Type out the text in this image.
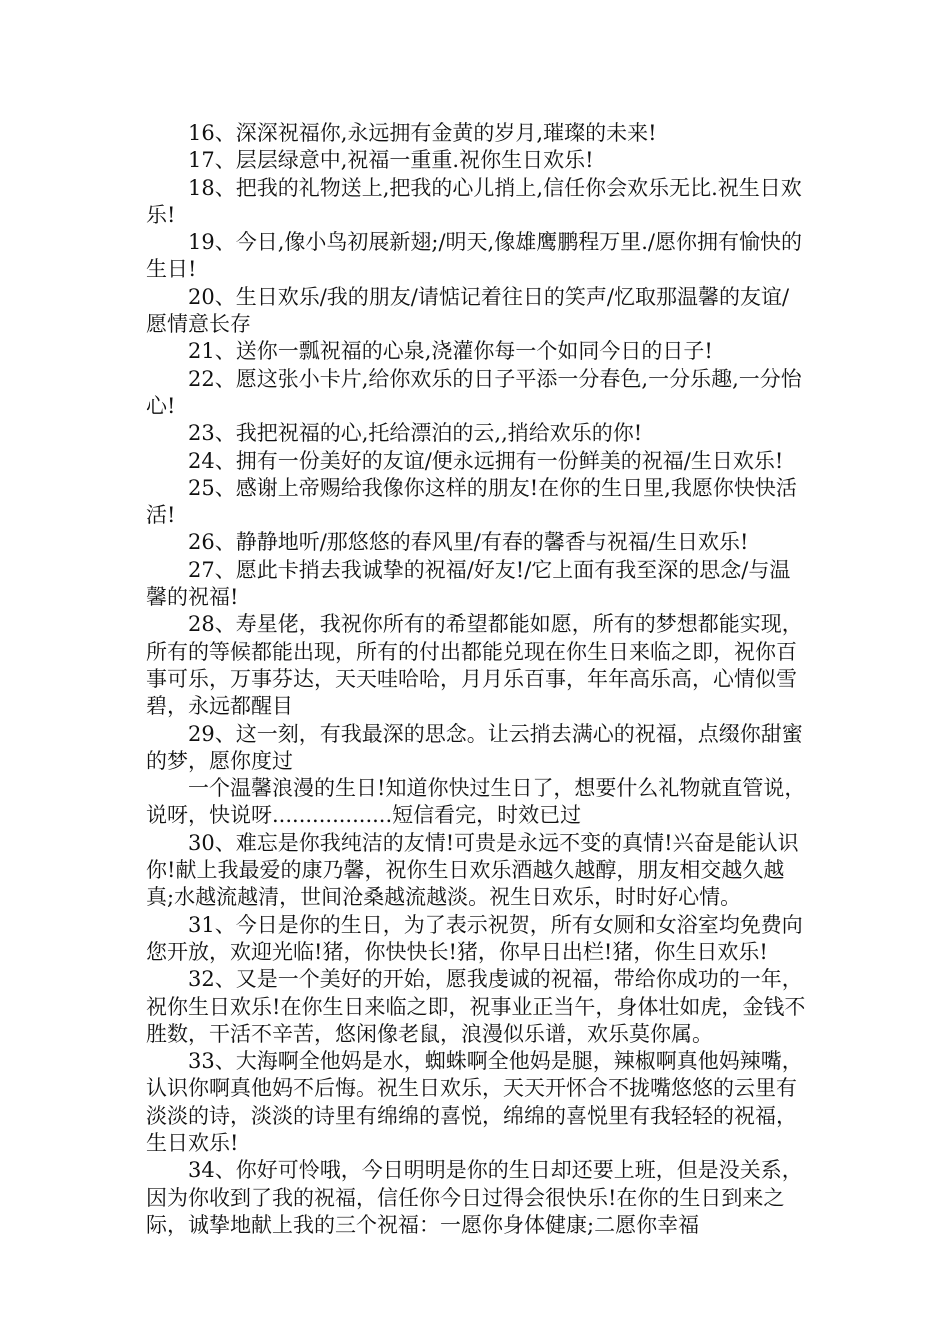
16、深深祝福你,永远拥有金黄的岁月,璀璨的未来!

17、层层绿意中,祝福一重重.祝你生日欢乐!

18、把我的礼物送上,把我的心儿捎上,信任你会欢乐无比.祝生日欢乐!

19、今日,像小鸟初展新翅;/明天,像雄鹰鹏程万里./愿你拥有愉快的生日!

20、生日欢乐/我的朋友/请惦记着往日的笑声/忆取那温馨的友谊/愿情意长存

21、送你一瓢祝福的心泉,浇灌你每一个如同今日的日子!

22、愿这张小卡片,给你欢乐的日子平添一分春色,一分乐趣,一分怡心!

23、我把祝福的心,托给漂泊的云,,捎给欢乐的你!

24、拥有一份美好的友谊/便永远拥有一份鲜美的祝福/生日欢乐!

25、感谢上帝赐给我像你这样的朋友!在你的生日里,我愿你快快活活!

26、静静地听/那悠悠的春风里/有春的馨香与祝福/生日欢乐!

27、愿此卡捎去我诚挚的祝福/好友!/它上面有我至深的思念/与温馨的祝福!

28、寿星佬，我祝你所有的希望都能如愿，所有的梦想都能实现，所有的等候都能出现，所有的付出都能兑现在你生日来临之即，祝你百事可乐，万事芬达，天天哇哈哈，月月乐百事，年年高乐高，心情似雪碧，永远都醒目

29、这一刻，有我最深的思念。让云捎去满心的祝福，点缀你甜蜜的梦，愿你度过

一个温馨浪漫的生日!知道你快过生日了，想要什么礼物就直管说，说呀，快说呀..................短信看完，时效已过

30、难忘是你我纯洁的友情!可贵是永远不变的真情!兴奋是能认识你!献上我最爱的康乃馨，祝你生日欢乐酒越久越醇，朋友相交越久越真;水越流越清，世间沧桑越流越淡。祝生日欢乐，时时好心情。

31、今日是你的生日，为了表示祝贺，所有女厕和女浴室均免费向您开放，欢迎光临!猪，你快快长!猪，你早日出栏!猪，你生日欢乐!

32、又是一个美好的开始，愿我虔诚的祝福，带给你成功的一年，祝你生日欢乐!在你生日来临之即，祝事业正当午，身体壮如虎，金钱不胜数，干活不辛苦，悠闲像老鼠，浪漫似乐谱，欢乐莫你属。

33、大海啊全他妈是水，蜘蛛啊全他妈是腿，辣椒啊真他妈辣嘴，认识你啊真他妈不后悔。祝生日欢乐，天天开怀合不拢嘴悠悠的云里有淡淡的诗，淡淡的诗里有绵绵的喜悦，绵绵的喜悦里有我轻轻的祝福，生日欢乐!

34、你好可怜哦，今日明明是你的生日却还要上班，但是没关系，因为你收到了我的祝福，信任你今日过得会很快乐!在你的生日到来之际，诚挚地献上我的三个祝福：一愿你身体健康;二愿你幸福
